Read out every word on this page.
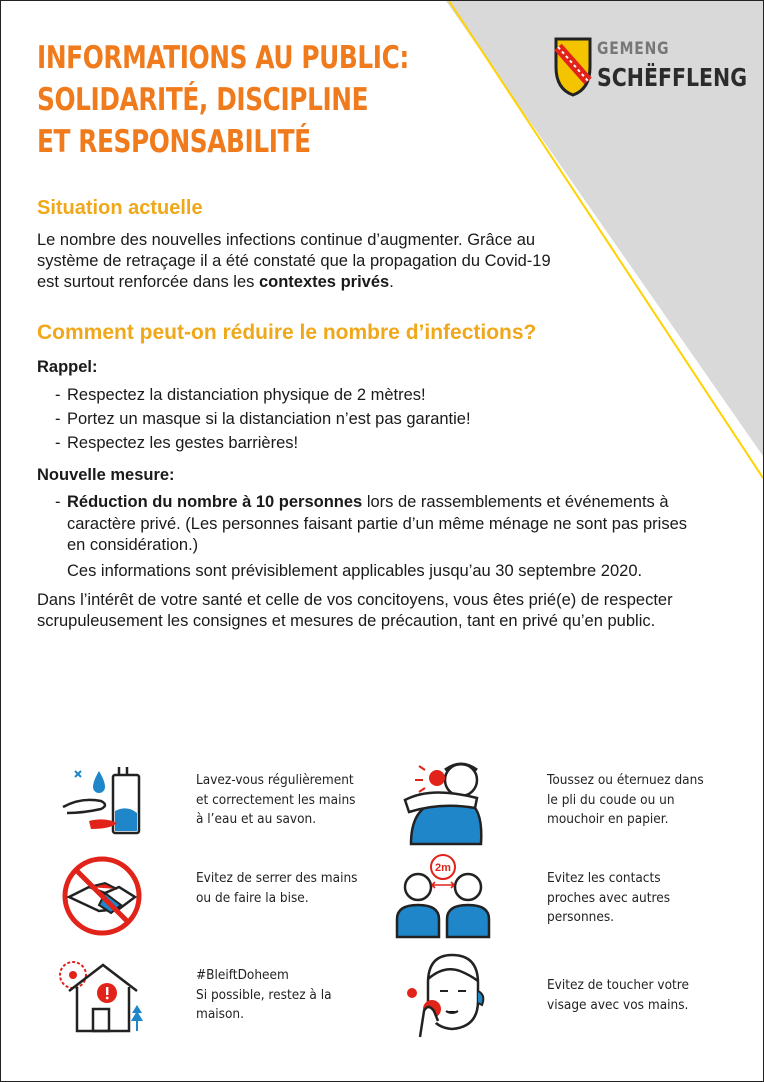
INFORMATIONS AU PUBLIC:
SOLIDARITÉ, DISCIPLINE
ET RESPONSABILITÉ
GEMENG
SCHËFFLENG
Situation actuelle
Le nombre des nouvelles infections continue d’augmenter. Grâce au
système de retraçage il a été constaté que la propagation du Covid-19
est surtout renforcée dans les contextes privés.
Comment peut-on réduire le nombre d’infections?
Rappel:
- Respectez la distanciation physique de 2 mètres!
- Portez un masque si la distanciation n’est pas garantie!
- Respectez les gestes barrières!
Nouvelle mesure:
- Réduction du nombre à 10 personnes lors de rassemblements et événements à
caractère privé. (Les personnes faisant partie d’un même ménage ne sont pas prises
en considération.)
Ces informations sont prévisiblement applicables jusqu’au 30 septembre 2020.
Dans l’intérêt de votre santé et celle de vos concitoyens, vous êtes prié(e) de respecter
scrupuleusement les consignes et mesures de précaution, tant en privé qu’en public.
Lavez-vous régulièrement
et correctement les mains
à l’eau et au savon.
Toussez ou éternuez dans
le pli du coude ou un
mouchoir en papier.
Evitez de serrer des mains
ou de faire la bise.
2m
Evitez les contacts
proches avec autres
personnes.
#BleiftDoheem
Si possible, restez à la
maison.
Evitez de toucher votre
visage avec vos mains.
